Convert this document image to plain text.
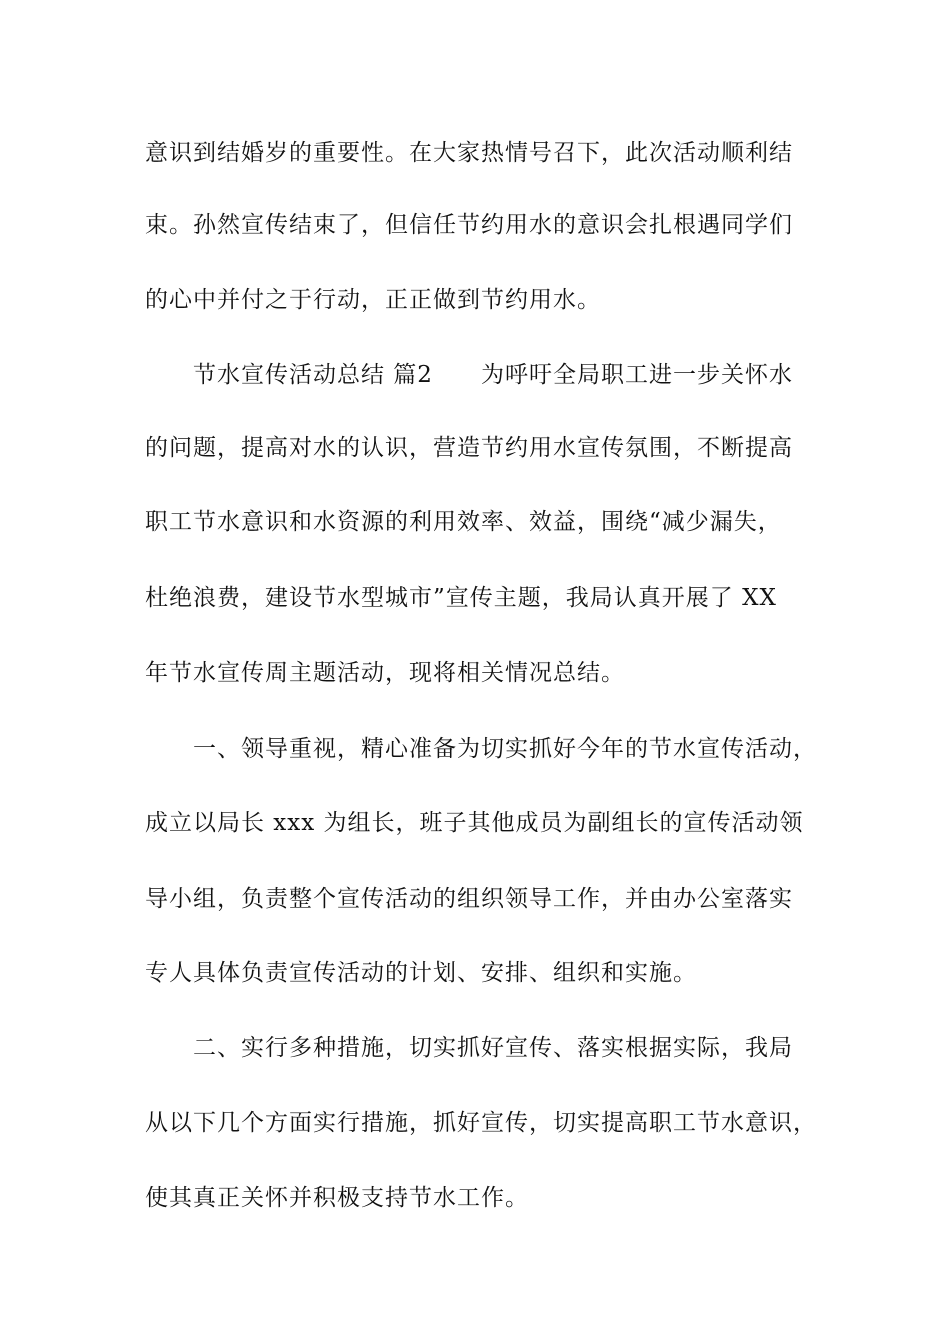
意识到结婚岁的重要性。在大家热情号召下，此次活动顺利结
束。孙然宣传结束了，但信任节约用水的意识会扎根遇同学们
的心中并付之于行动，正正做到节约用水。
节水宣传活动总结 篇2　　为呼吁全局职工进一步关怀水
的问题，提高对水的认识，营造节约用水宣传氛围，不断提高
职工节水意识和水资源的利用效率、效益，围绕“减少漏失，
杜绝浪费，建设节水型城市”宣传主题，我局认真开展了 XX
年节水宣传周主题活动，现将相关情况总结。
一、领导重视，精心准备为切实抓好今年的节水宣传活动，
成立以局长 xxx 为组长，班子其他成员为副组长的宣传活动领
导小组，负责整个宣传活动的组织领导工作，并由办公室落实
专人具体负责宣传活动的计划、安排、组织和实施。
二、实行多种措施，切实抓好宣传、落实根据实际，我局
从以下几个方面实行措施，抓好宣传，切实提高职工节水意识，
使其真正关怀并积极支持节水工作。
